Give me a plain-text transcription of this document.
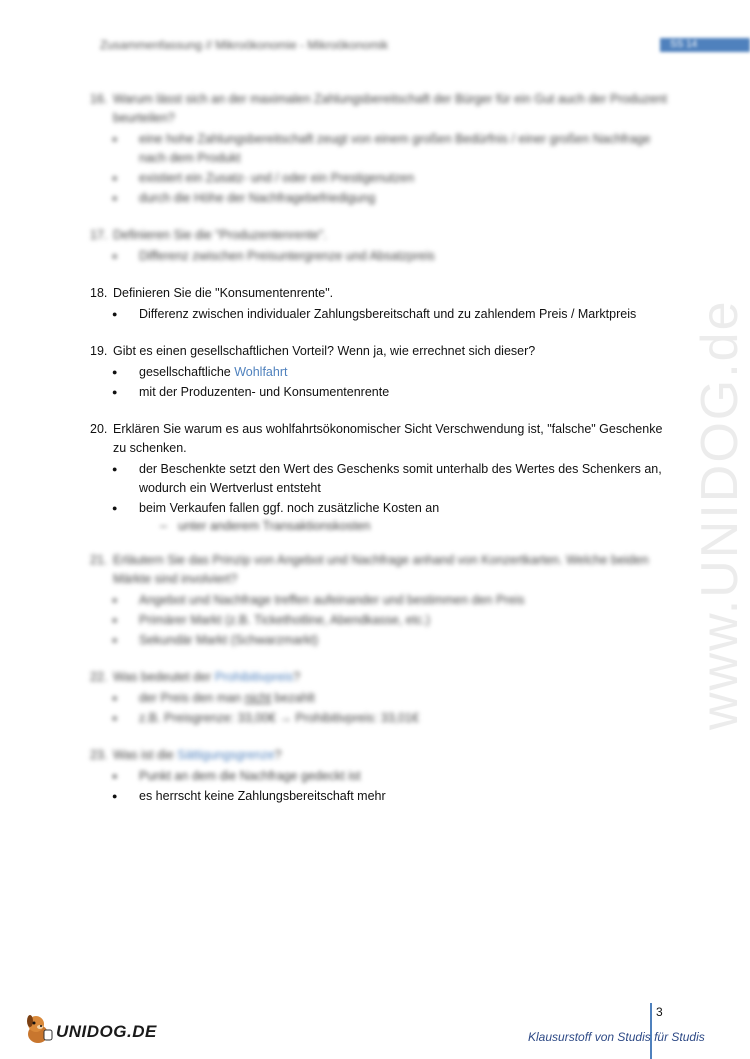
Zusammenfassung // Mikroökonomie - Mikroökonomik	SS 14
www.UNIDOG.de
16. Warum lässt sich an der maximalen Zahlungsbereitschaft der Bürger für ein Gut auch der Produzent beurteilen?
●	eine hohe Zahlungsbereitschaft zeugt von einem großen Bedürfnis / einer großen Nachfrage nach dem Produkt
●	existiert ein Zusatz- und / oder ein Prestigenutzen
●	durch die Höhe der Nachfragebefriedigung
17. Definieren Sie die "Produzentenrente".
●	Differenz zwischen Preisuntergrenze und Absatzpreis
18. Definieren Sie die "Konsumentenrente".
●	Differenz zwischen individualer Zahlungsbereitschaft und zu zahlendem Preis / Marktpreis
19. Gibt es einen gesellschaftlichen Vorteil? Wenn ja, wie errechnet sich dieser?
●	gesellschaftliche Wohlfahrt
●	mit der Produzenten- und Konsumentenrente
20. Erklären Sie warum es aus wohlfahrtsökonomischer Sicht Verschwendung ist, "falsche" Geschenke zu schenken.
●	der Beschenkte setzt den Wert des Geschenks somit unterhalb des Wertes des Schenkers an, wodurch ein Wertverlust entsteht
●	beim Verkaufen fallen ggf. noch zusätzliche Kosten an
– unter anderem Transaktionskosten
21. Erläutern Sie das Prinzip von Angebot und Nachfrage anhand von Konzertkarten. Welche beiden Märkte sind involviert?
●	Angebot und Nachfrage treffen aufeinander und bestimmen den Preis
●	Primärer Markt (z.B. Tickethotline, Abendkasse, etc.)
●	Sekundär Markt (Schwarzmarkt)
22. Was bedeutet der Prohibitivpreis?
●	der Preis den man nicht bezahlt
●	z.B. Preisgrenze: 33,00€ → Prohibitivpreis: 33,01€
23. Was ist die Sättigungsgrenze?
●	Punkt an dem die Nachfrage gedeckt ist
●	es herrscht keine Zahlungsbereitschaft mehr
3
Klausurstoff von Studis für Studis
UNIDOG.DE
